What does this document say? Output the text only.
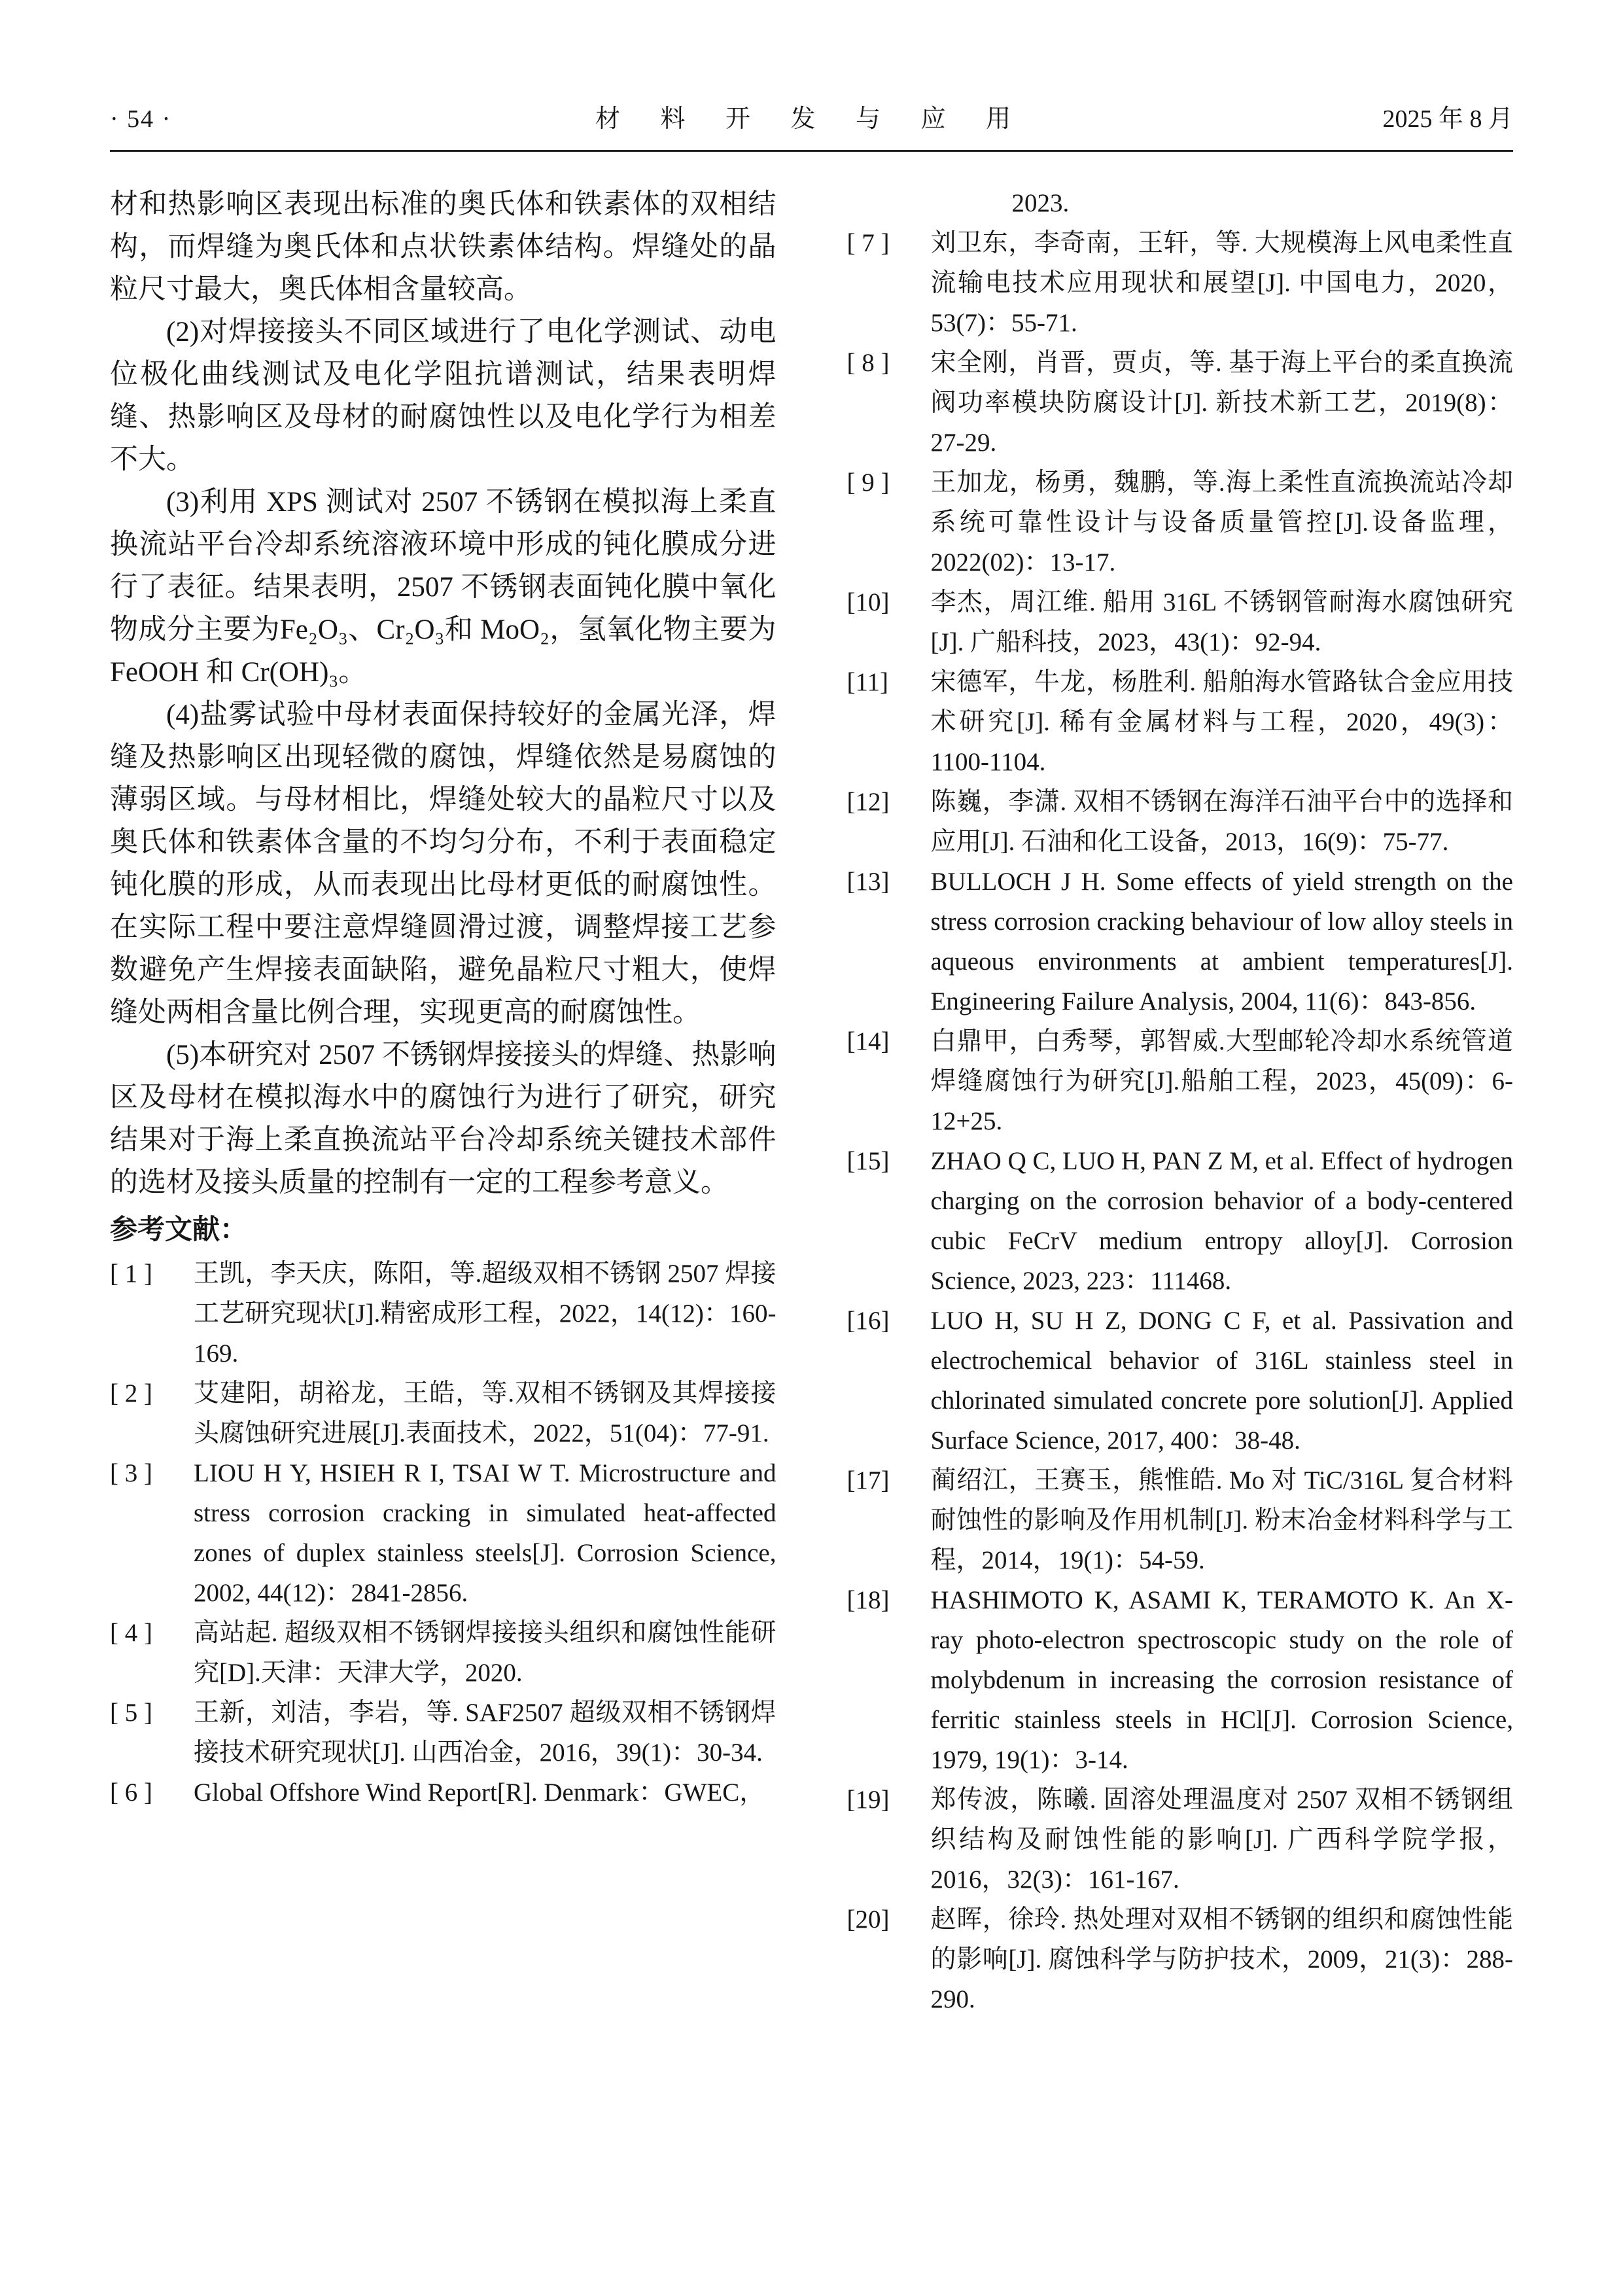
· 54 ·	材 料 开 发 与 应 用	2025 年 8 月

材和热影响区表现出标准的奥氏体和铁素体的双相结构，而焊缝为奥氏体和点状铁素体结构。焊缝处的晶粒尺寸最大，奥氏体相含量较高。

(2)对焊接接头不同区域进行了电化学测试、动电位极化曲线测试及电化学阻抗谱测试，结果表明焊缝、热影响区及母材的耐腐蚀性以及电化学行为相差不大。

(3)利用 XPS 测试对 2507 不锈钢在模拟海上柔直换流站平台冷却系统溶液环境中形成的钝化膜成分进行了表征。结果表明，2507 不锈钢表面钝化膜中氧化物成分主要为Fe₂O₃、Cr₂O₃和 MoO₂，氢氧化物主要为 FeOOH 和 Cr(OH)₃。

(4)盐雾试验中母材表面保持较好的金属光泽，焊缝及热影响区出现轻微的腐蚀，焊缝依然是易腐蚀的薄弱区域。与母材相比，焊缝处较大的晶粒尺寸以及奥氏体和铁素体含量的不均匀分布，不利于表面稳定钝化膜的形成，从而表现出比母材更低的耐腐蚀性。在实际工程中要注意焊缝圆滑过渡，调整焊接工艺参数避免产生焊接表面缺陷，避免晶粒尺寸粗大，使焊缝处两相含量比例合理，实现更高的耐腐蚀性。

(5)本研究对 2507 不锈钢焊接接头的焊缝、热影响区及母材在模拟海水中的腐蚀行为进行了研究，研究结果对于海上柔直换流站平台冷却系统关键技术部件的选材及接头质量的控制有一定的工程参考意义。

参考文献：
[ 1 ]	王凯，李天庆，陈阳，等.超级双相不锈钢 2507 焊接工艺研究现状[J].精密成形工程，2022，14(12)：160-169.
[ 2 ]	艾建阳，胡裕龙，王皓，等.双相不锈钢及其焊接接头腐蚀研究进展[J].表面技术，2022，51(04)：77-91.
[ 3 ]	LIOU H Y, HSIEH R I, TSAI W T. Microstructure and stress corrosion cracking in simulated heat-affected zones of duplex stainless steels[J]. Corrosion Science, 2002, 44(12)：2841-2856.
[ 4 ]	高站起. 超级双相不锈钢焊接接头组织和腐蚀性能研究[D].天津：天津大学，2020.
[ 5 ]	王新，刘洁，李岩，等. SAF2507 超级双相不锈钢焊接技术研究现状[J]. 山西冶金，2016，39(1)：30-34.
[ 6 ]	Global Offshore Wind Report[R]. Denmark：GWEC，
2023.
[ 7 ]	刘卫东，李奇南，王轩，等. 大规模海上风电柔性直流输电技术应用现状和展望[J]. 中国电力，2020，53(7)：55-71.
[ 8 ]	宋全刚，肖晋，贾贞，等. 基于海上平台的柔直换流阀功率模块防腐设计[J]. 新技术新工艺，2019(8)：27-29.
[ 9 ]	王加龙，杨勇，魏鹏，等.海上柔性直流换流站冷却系统可靠性设计与设备质量管控[J].设备监理，2022(02)：13-17.
[10]	李杰，周江维. 船用 316L 不锈钢管耐海水腐蚀研究[J]. 广船科技，2023，43(1)：92-94.
[11]	宋德军，牛龙，杨胜利. 船舶海水管路钛合金应用技术研究[J]. 稀有金属材料与工程，2020，49(3)：1100-1104.
[12]	陈巍，李潇. 双相不锈钢在海洋石油平台中的选择和应用[J]. 石油和化工设备，2013，16(9)：75-77.
[13]	BULLOCH J H. Some effects of yield strength on the stress corrosion cracking behaviour of low alloy steels in aqueous environments at ambient temperatures[J]. Engineering Failure Analysis, 2004, 11(6)：843-856.
[14]	白鼎甲，白秀琴，郭智威.大型邮轮冷却水系统管道焊缝腐蚀行为研究[J].船舶工程，2023，45(09)：6-12+25.
[15]	ZHAO Q C, LUO H, PAN Z M, et al. Effect of hydrogen charging on the corrosion behavior of a body-centered cubic FeCrV medium entropy alloy[J]. Corrosion Science, 2023, 223：111468.
[16]	LUO H, SU H Z, DONG C F, et al. Passivation and electrochemical behavior of 316L stainless steel in chlorinated simulated concrete pore solution[J]. Applied Surface Science, 2017, 400：38-48.
[17]	蔺绍江，王赛玉，熊惟皓. Mo 对 TiC/316L 复合材料耐蚀性的影响及作用机制[J]. 粉末冶金材料科学与工程，2014，19(1)：54-59.
[18]	HASHIMOTO K, ASAMI K, TERAMOTO K. An X-ray photo-electron spectroscopic study on the role of molybdenum in increasing the corrosion resistance of ferritic stainless steels in HCl[J]. Corrosion Science, 1979, 19(1)：3-14.
[19]	郑传波，陈曦. 固溶处理温度对 2507 双相不锈钢组织结构及耐蚀性能的影响[J]. 广西科学院学报，2016，32(3)：161-167.
[20]	赵晖，徐玲. 热处理对双相不锈钢的组织和腐蚀性能的影响[J]. 腐蚀科学与防护技术，2009，21(3)：288-290.
